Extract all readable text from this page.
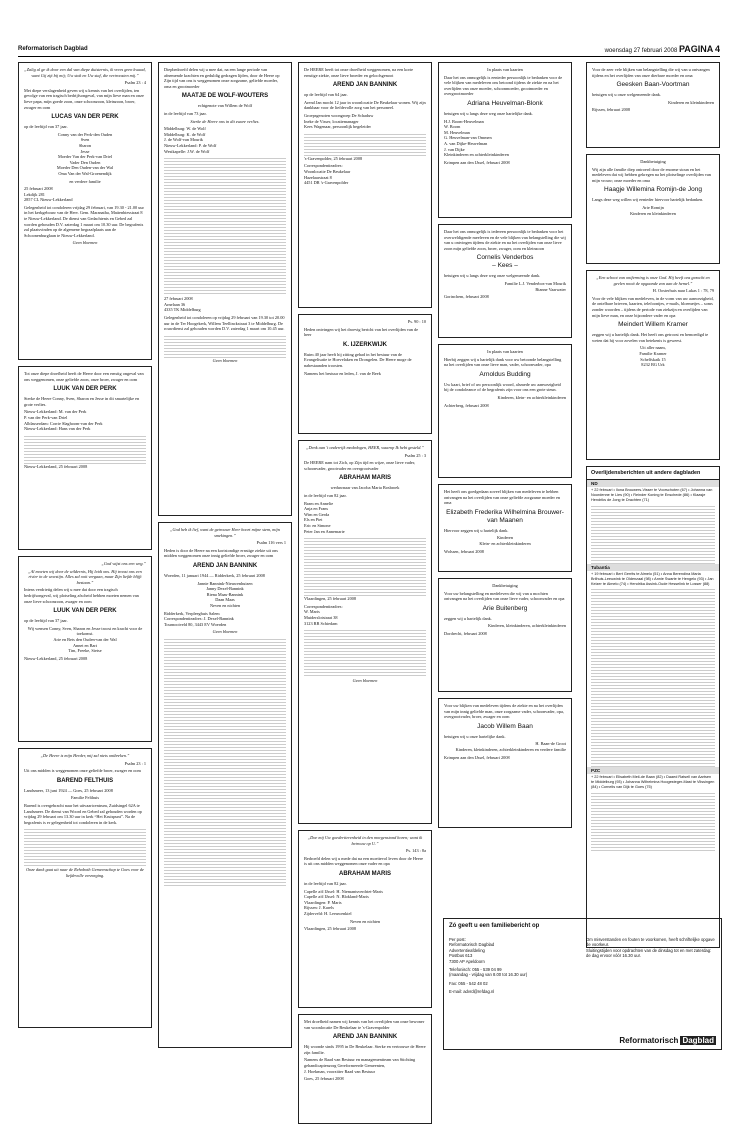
Reformatorisch Dagblad	woensdag 27 februari 2008 PAGINA 4

„Zalig al ge ik door een dal van diepe duisternis, ik vrees geen kwaad, want Gij zijt bij mij; Uw stok en Uw staf, die vertroosten mij.”

Psalm 23 : 4

Met diepe verslagenheid geven wij u kennis van het overlijden, ten gevolge van een tragisch bedrijfsongeval, van mijn lieve man en onze lieve papa, mijn goede zoon, onze schoonzoon, kleinzoon, broer, zwager en oom

LUCAS VAN DER PERK

op de leeftijd van 37 jaar.

Conny van der Perk-den Ouden
Sven
Sharon
Jesse
Moeder Van der Perk-van Driel
Vader Den Ouden
Moeder Den Ouden-van der Wal
Oma Van der Wal-Groenendijk

en verdere familie

25 februari 2008
Lekdijk 281
2857 CL Nieuw-Lekkerland

Gelegenheid tot condoleren vrijdag 29 februari, van 19.30 - 21.00 uur in het kerkgebouw van de Herv. Gem. Maranatha, Mattenbiesstraat 8 te Nieuw-Lekkerland. De dienst van Gedachtenis en Gebed zal worden gehouden D.V. zaterdag 1 maart om 10.30 uur. De begrafenis zal plaatsvinden op de algemene begraafplaats aan de Schoonenburglaan te Nieuw-Lekkerland.

Geen bloemen

Tot onze diepe droefheid heeft de Heere door een ernstig ongeval van ons weggenomen, onze geliefde zoon, onze broer, zwager en oom

LUUK VAN DER PERK

Sterke de Heere Conny, Sven, Sharon en Jesse in dit smartelijke en grote verlies.

Nieuw-Lekkerland: M. van der Perk
P. van der Perk-van Driel
Alblasserdam: Corrie Slaghoom-van der Perk
Nieuw-Lekkerland: Hans van der Perk

Nieuw-Lekkerland, 25 februari 2008

„God wijst ons een weg.”

„Al moeten wij door de wildernis, Hij leidt ons. Hij troost ons een rivier in de woestijn. Alles zal ooit vergaan, maar Zijn liefde blijft bestaan.”

Intens verdrietig delen wij u mee dat door een tragisch bedrijfsongeval, wij plotseling afscheid hebben moeten nemen van onze lieve schoonzoon, zwager en oom

LUUK VAN DER PERK

op de leeftijd van 37 jaar.

Wij wensen Conny, Sven, Sharon en Jesse troost en kracht voor de toekomst.
Arie en Bets den Ouden-van der Wal
Annet en Bart
Tim, Freeke, Sietse

Nieuw-Lekkerland, 25 februari 2008

„De Heere is mijn Herder, mij zal niets ontbreken.”

Psalm 23 : 1

Uit ons midden is weggenomen onze geliefde broer, zwager en oom

BAREND FELTHUIS

Landsmeer, 13 juni 1924 — Goes, 25 februari 2008

Familie Felthuis

Barend is overgebracht naar het uitvaartcentrum, Zuidsingel 62A te Landsmeer. De dienst van Woord en Gebed zal gehouden worden op vrijdag 29 februari om 13.30 uur in kerk “Het Kruispunt”. Na de begrafenis is er gelegenheid tot condoleren in de kerk.

Onze dank gaat uit naar de Rehoboth Gemeenschap te Goes voor de liefdevolle verzorging.

Diepbedroefd delen wij u mee dat, na een lange periode van afnemende krachten en geduldig gedragen lijden, door de Heere op Zijn tijd van ons is weggenomen onze zorgzame, geliefde moeder, oma en grootmoeder

MAATJE DE WOLF-WOUTERS

echtgenote van Willem de Wolf

in de leeftijd van 73 jaar.

Sterke de Heere ons in dit zware verlies.

Middelburg: W. de Wolf
Middelburg: K. de Wolf
J. de Wolf-van Mourik
Nieuw-Lekkerland: P. de Wolf
Westkapelle: J.W. de Wolf

27 februari 2008
Arnelaan 36
4335 TK Middelburg

Gelegenheid tot condoleren op vrijdag 29 februari van 19.30 tot 20.00 uur in de Ter Hoogekerk, Willem Teellinckstraat 3 te Middelburg. De rouwdienst zal gehouden worden D.V. zaterdag 1 maart om 10.45 uur.

Geen bloemen

„God heb ik lief, want de getrouwe Heer hoort mijne stem, mijn smekingen.”

Psalm 116 vers 1

Heden is door de Heere na een kortstondige ernstige ziekte uit ons midden weggenomen onze innig geliefde broer, zwager en oom

AREND JAN BANNINK

Woerden, 11 januari 1944 — Ridderkerk, 25 februari 2008

Jannie Bannink-Nieuwenhuizen
Janny Dexel-Bannink
Riena Maas-Bannink
Daan Maas
Neven en nichten

Ridderkerk, Verpleeghuis Salem
Correspondentieadres: J. Dexel-Bannink
Tournooiveld 80, 3443 EV Woerden

Geen bloemen

De HEERE heeft tot onze droefheid weggenomen, na een korte ernstige ziekte, onze lieve broeder en geloofsgenoot

AREND JAN BANNINK

op de leeftijd van 64 jaar.

Arend Jan mocht 12 jaar in woonlocatie De Beukelaar wonen. Wij zijn dankbaar voor de liefdevolle zorg van het personeel.

Groepsgenoten woongroep De Schaduw
Ineke de Visser, locatiemanager
Kees Wagenaar, persoonlijk begeleider

's-Gravenpolder, 25 februari 2008

Correspondentieadres:
Woonlocatie De Beukelaar
Hazelaarstraat 8
4451 DR 's-Gravenpolder

Ps. 90 : 10

Heden ontvingen wij het droevig bericht van het overlijden van de heer

K. IJZERKWIJK

Ruim 40 jaar heeft hij zitting gehad in het bestuur van de Evangelisatie te Hoevelaken en Drongelen. De Heere moge de nabestaanden troosten.

Namens het bestuur en leden, J. van de Beek

„Denk aan 't onderrijk mededogen, HEER, waarop Ik hebt gesteld.”

Psalm 25 : 3

De HEERE nam tot Zich, op Zijn tijd en wijze, onze lieve vader, schoonvader, grootvader en overgrootvader

ABRAHAM MARIS

weduwnaar van Jacoba Maria Bosbroek

in de leeftijd van 82 jaar.

Bram en Annelie
Anja en Frans
Wim en Gerda
Els en Piet
Eric en Simone
Peter Jan en Annemarie

Vlaardingen, 25 februari 2008

Correspondentieadres:
W. Maris
Muiderslotstraat 38
3123 RB Schiedam

Geen bloemen

„Doe mij Uw goedertierenheid in den morgenstond horen; want ik betrouw op U.”

Ps. 143 : 8a

Bedroefd delen wij u mede dat na een moeitevol leven door de Heere is uit ons midden weggenomen onze vader en opa

ABRAHAM MARIS

in de leeftijd van 82 jaar.

Capelle a/d IJssel: H. Niemantsverdriet-Maris
Capelle a/d IJssel: N. Blokland-Maris
Vlaardingen: P. Maris
Rijssen: J. Karels
Zijderveld: H. Leeuwenkiel

Neven en nichten

Vlaardingen, 25 februari 2008

Met droefheid namen wij kennis van het overlijden van onze bewoner van woonlocatie De Beukelaar te 's-Gravenpolder

AREND JAN BANNINK

Hij woonde sinds 1995 in De Beukelaar. Sterke en vertrouwe de Heere zijn familie.

Namens de Raad van Bestuur en managementteam van Stichting gehandicaptenzorg Gereformeerde Gemeenten,
J. Hoekman, voorzitter Raad van Bestuur

Goes, 25 februari 2008

In plaats van kaarten

Daar het ons onmogelijk is eenieder persoonlijk te bedanken voor de vele blijken van medeleven ons betoond tijdens de ziekte en na het overlijden van onze moeder, schoonmoeder, grootmoeder en overgrootmoeder

Adriana Heuvelman-Blonk

betuigen wij u langs deze weg onze hartelijke dank.

H.J. Boom-Heuvelman
W. Boom
M. Heuvelman
G. Heuvelman-van Ommen
A. van Dijke-Heuvelman
J. van Dijke
Kleinkinderen en achterkleinkinderen

Krimpen aan den IJssel, februari 2008

Daar het ons onmogelijk is iedereen persoonlijk te bedanken voor het overweldigende meeleven en de vele blijken van belangstelling die wij van u ontvingen tijdens de ziekte en na het overlijden van onze lieve zoon mijn geliefde zoon, broer, zwager, oom en kleinzoon

Cornelis Venderbos
– Kees –

betuigen wij u langs deze weg onze welgemeende dank.

Familie L.J. Venderbos-van Mourik
Bianne Vaarwater

Gorinchem, februari 2008

In plaats van kaarten

Hierbij zeggen wij u hartelijk dank voor uw betoonde belangstelling na het overlijden van onze lieve man, vader, schoonvader, opa

Arnoldus Budding

Uw kaart, brief of uw persoonlijk woord, alsmede uw aanwezigheid bij de condoleance of de begrafenis zijn voor ons een grote steun.

Kinderen, klein- en achterkleinkinderen

Achterberg, februari 2008

Het heeft ons goedgedaan zoveel blijken van medeleven te hebben ontvangen na het overlijden van onze geliefde zorgzame moeder en oma

Elizabeth Frederika Wilhelmina Brouwer-van Maanen

Hiervoor zeggen wij u hartelijk dank.

Kinderen
Klein- en achterkleinkinderen

Wolssen, februari 2008

Dankbetuiging

Voor uw belangstelling en medeleven die wij van u mochten ontvangen na het overlijden van onze lieve vader, schoonvader en opa

Arie Buitenberg

zeggen wij u hartelijk dank.

Kinderen, kleinkinderen, achterkleinkinderen

Dordrecht, februari 2008

Voor uw blijken van medeleven tijdens de ziekte en na het overlijden van mijn innig geliefde man, onze zorgzame vader, schoonvader, opa, overgrootvader, broer, zwager en oom

Jacob Willem Baan

betuigen wij u onze hartelijke dank.

H. Baan-de Groot
Kinderen, kleinkinderen, achterkleinkinderen en verdere familie

Krimpen aan den IJssel, februari 2008

Voor de zeer vele blijken van belangstelling die wij van u ontvangen tijdens en het overlijden van onze dierbare moeder en oma

Geesken Baan-Voortman

betuigen wij u onze welgemeende dank.

Kinderen en kleinkinderen

Rijssen, februari 2008

Dankbetuiging

Wij zijn alle familie diep ontroerd door de enorme stoun en het medeleven dat wij hebben gekregen na het plotselinge overlijden van mijn vrouw; onze moeder en oma

Haagje Willemina Romijn-de Jong

Langs deze weg willen wij eenieder hiervoor hartelijk bedanken.

Arie Romijn
Kinderen en kleinkinderen

„Een schoot van ontferming is onze God. Hij heeft ons gezocht en gevlen nooit de opgaande zon aan de hemel.”

H. Oosterhuis naar Lukas 1 : 78, 79

Voor de vele blijken van medeleven, in de vorm van uw aanwezigheid, de ontelbare brieven, kaarten, telefoontjes, e-mails, bloemetjes – soms zonder woorden – tijdens de periode van ziekzijn en overlijden van mijn lieve man, en onze bijzondere vader en opa

Meindert Willem Kramer

zeggen wij u hartelijk dank. Het heeft ons getroost en bemoedigd te weten dat hij voor zovelen van betekenis is geweest.

Uit aller naam,
Familie Kramer
Schelfskaik 15
8232 BG Urk

Overlijdensberichten uit andere dagbladen
ND
+ 22 februari • Ilona Brouwers-Visser te Voorschoten (67) • Johanna van Noordenne te Lies (90) • Reinder Koning te Enschede (86) • Klaasje Hendriks de Jong te Drachten (71)
Tubantia
+ 19 februari • Bert Gerrits te Almelo (51) • Anna Berendina Maria Brilhuis-Leeuwink te Oldenzaal (98) • Annie Swarte te Hengelo (93) • Jan Keizer te Almelo (74) • Hendrika Assink-Oude Hesselink te Losser (88)
PZC
+ 22 februari • Elisabeth Meil-de Baan (82) • Daaed Ratsell van Aartsen te Middelburg (93) • Johanna Wilhelmina Hoogesteger-Mast te Vlissingen (84) • Cornelis van Dijk te Goes (75)
Zó geeft u een familiebericht op

Per post:
Reformatorisch Dagblad
Advertentieafdeling
Postbus 613
7300 AP Apeldoorn

Telefonisch: 055 - 539 04 99
(maandag - vrijdag van 8.00 tot 16.30 uur)

Fax: 055 - 542 48 02

E-mail: advrd@refdag.nl

Om misverstanden en fouten te voorkomen, heeft schriftelijke opgave de voorkeur.
Sluitingstijden voor opdrachten van de dinsdag tot en met zaterdag: de dag ervoor vóór 16.30 uur.
Reformatorisch Dagblad
